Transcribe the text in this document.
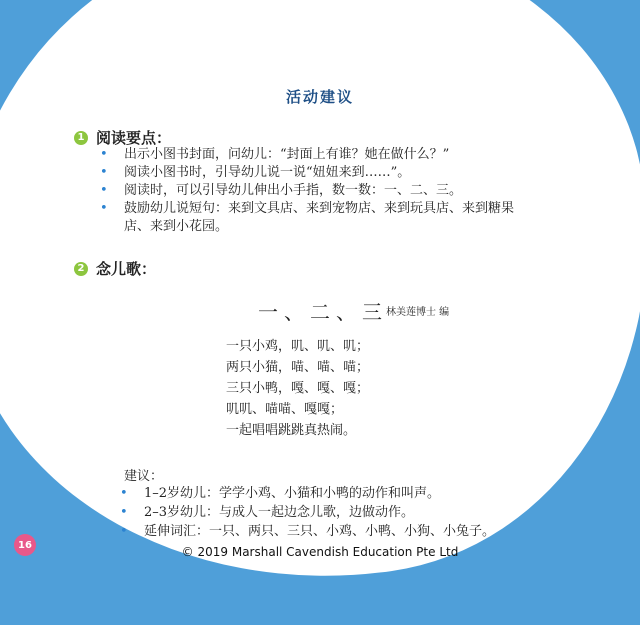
活动建议
1 阅读要点：
• 出示小图书封面，问幼儿：“封面上有谁？她在做什么？”
• 阅读小图书时，引导幼儿说一说“妞妞来到……”。
• 阅读时，可以引导幼儿伸出小手指，数一数：一、二、三。
• 鼓励幼儿说短句：来到文具店、来到宠物店、来到玩具店、来到糖果店、来到小花园。
2 念儿歌：
一、二、三
林美莲博士 编
一只小鸡，叽、叽、叽；
两只小猫，喵、喵、喵；
三只小鸭，嘎、嘎、嘎；
叽叽、喵喵、嘎嘎；
一起唱唱跳跳真热闹。
建议：
• 1–2岁幼儿：学学小鸡、小猫和小鸭的动作和叫声。
• 2–3岁幼儿：与成人一起边念儿歌，边做动作。
• 延伸词汇：一只、两只、三只、小鸡、小鸭、小狗、小兔子。
16	© 2019 Marshall Cavendish Education Pte Ltd
